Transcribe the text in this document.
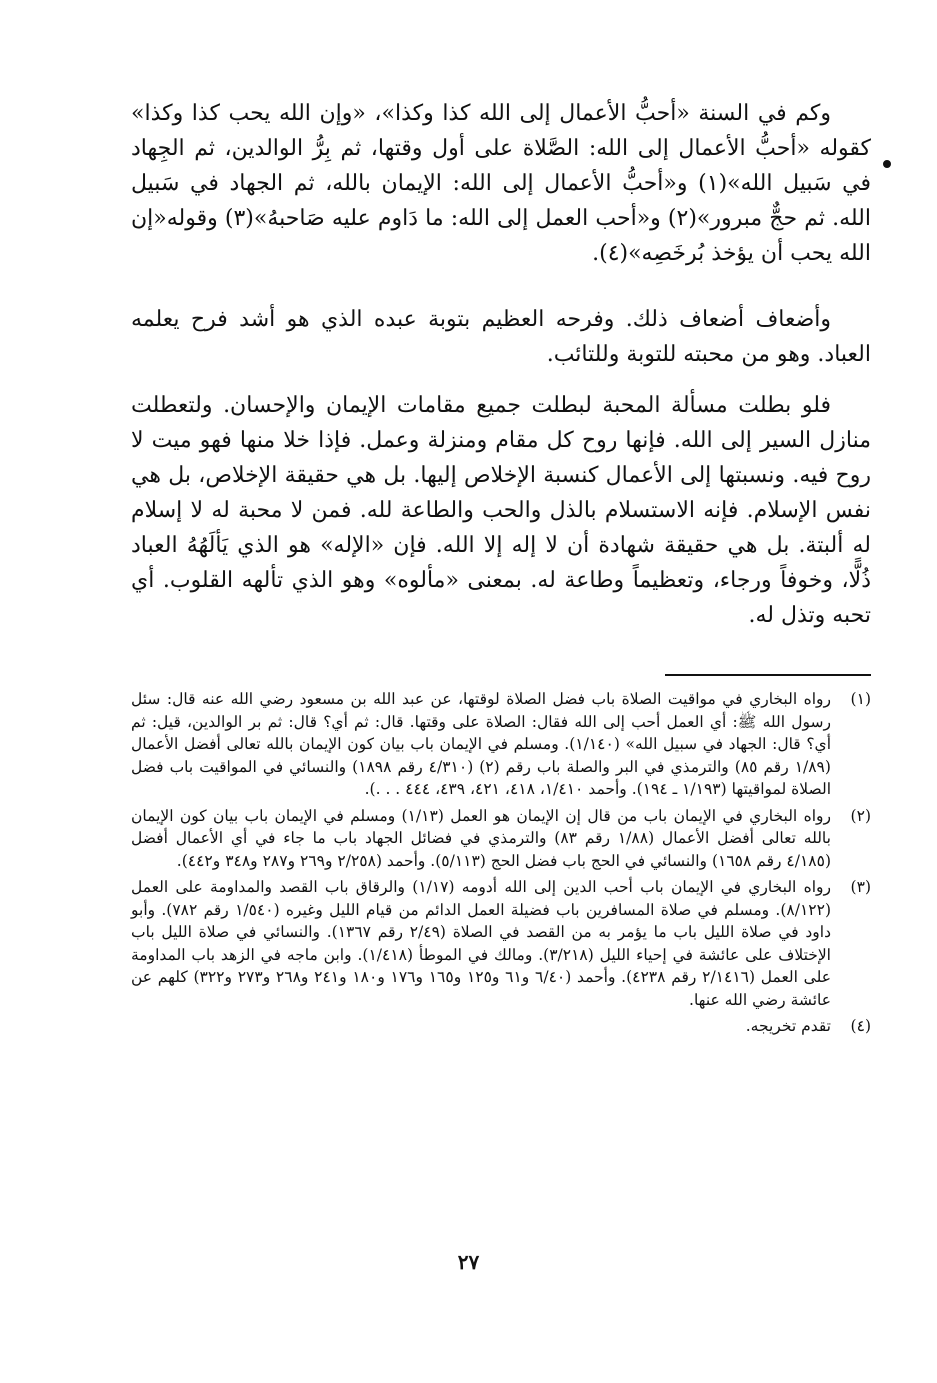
وكم في السنة «أحبُّ الأعمال إلى الله كذا وكذا»، «وإن الله يحب كذا وكذا» كقوله «أحبُّ الأعمال إلى الله: الصَّلاة على أول وقتها، ثم بِرُّ الوالدين، ثم الجِهاد في سَبيل الله»(١) و«أحبُّ الأعمال إلى الله: الإيمان بالله، ثم الجهاد في سَبيل الله. ثم حجٌّ مبرور»(٢) و«أحب العمل إلى الله: ما دَاوم عليه صَاحبهُ»(٣) وقوله«إن الله يحب أن يؤخذ بُرخَصِه»(٤).

وأضعاف أضعاف ذلك. وفرحه العظيم بتوبة عبده الذي هو أشد فرح يعلمه العباد. وهو من محبته للتوبة وللتائب.

فلو بطلت مسألة المحبة لبطلت جميع مقامات الإيمان والإحسان. ولتعطلت منازل السير إلى الله. فإنها روح كل مقام ومنزلة وعمل. فإذا خلا منها فهو ميت لا روح فيه. ونسبتها إلى الأعمال كنسبة الإخلاص إليها. بل هي حقيقة الإخلاص، بل هي نفس الإسلام. فإنه الاستسلام بالذل والحب والطاعة لله. فمن لا محبة له لا إسلام له ألبتة. بل هي حقيقة شهادة أن لا إله إلا الله. فإن «الإله» هو الذي يَألَهُهُ العباد ذُلًّا، وخوفاً ورجاء، وتعظيماً وطاعة له. بمعنى «مألوه» وهو الذي تألهه القلوب. أي تحبه وتذل له.

(١)
رواه البخاري في مواقيت الصلاة باب فضل الصلاة لوقتها، عن عبد الله بن مسعود رضي الله عنه قال: سئل رسول الله ﷺ: أي العمل أحب إلى الله فقال: الصلاة على وقتها. قال: ثم أي؟ قال: ثم بر الوالدين، قيل: ثم أي؟ قال: الجهاد في سبيل الله» (١/١٤٠). ومسلم في الإيمان باب بيان كون الإيمان بالله تعالى أفضل الأعمال (١/٨٩ رقم ٨٥) والترمذي في البر والصلة باب رقم (٢) (٤/٣١٠ رقم ١٨٩٨) والنسائي في المواقيت باب فضل الصلاة لمواقيتها (١/١٩٣ ـ ١٩٤). وأحمد ١/٤١٠، ٤١٨، ٤٢١، ٤٣٩، ٤٤٤ . . .).
(٢)
رواه البخاري في الإيمان باب من قال إن الإيمان هو العمل (١/١٣) ومسلم في الإيمان باب بيان كون الإيمان بالله تعالى أفضل الأعمال (١/٨٨ رقم ٨٣) والترمذي في فضائل الجهاد باب ما جاء في أي الأعمال أفضل (٤/١٨٥ رقم ١٦٥٨) والنسائي في الحج باب فضل الحج (٥/١١٣). وأحمد (٢/٢٥٨ و٢٦٩ و٢٨٧ و٣٤٨ و٤٤٢).
(٣)
رواه البخاري في الإيمان باب أحب الدين إلى الله أدومه (١/١٧) والرقاق باب القصد والمداومة على العمل (٨/١٢٢). ومسلم في صلاة المسافرين باب فضيلة العمل الدائم من قيام الليل وغيره (١/٥٤٠ رقم ٧٨٢). وأبو داود في صلاة الليل باب ما يؤمر به من القصد في الصلاة (٢/٤٩ رقم ١٣٦٧). والنسائي في صلاة الليل باب الإختلاف على عائشة في إحياء الليل (٣/٢١٨). ومالك في الموطأ (١/٤١٨). وابن ماجه في الزهد باب المداومة على العمل (٢/١٤١٦ رقم ٤٢٣٨). وأحمد (٦/٤٠ و٦١ و١٢٥ و١٦٥ و١٧٦ و١٨٠ و٢٤١ و٢٦٨ و٢٧٣ و٣٢٢) كلهم عن عائشة رضي الله عنها.
(٤)
تقدم تخريجه.
٢٧
